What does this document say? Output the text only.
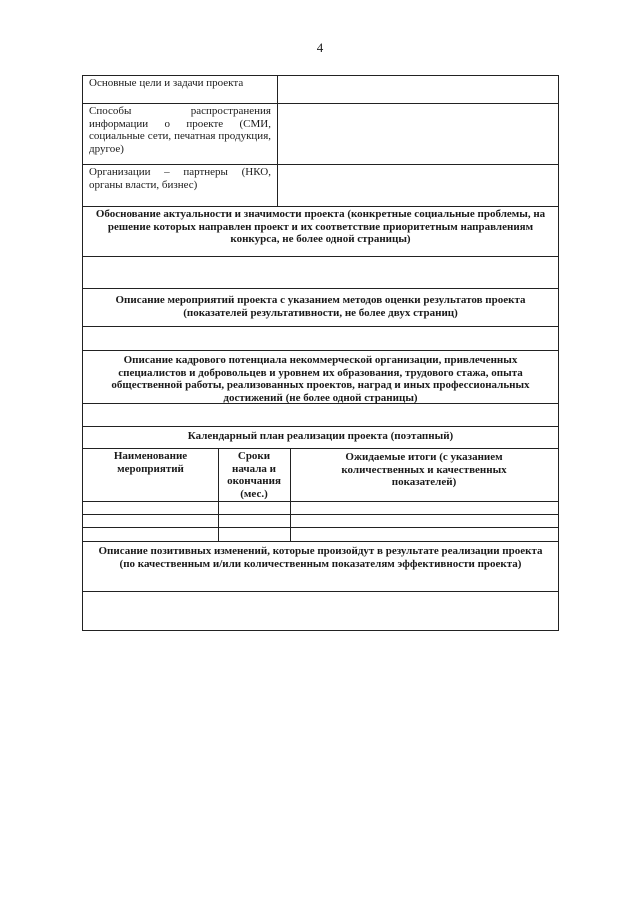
4
Основные цели и задачи проекта
Способы распространения информации о проекте (СМИ, социальные сети, печатная продукция, другое)
Организации – партнеры (НКО, органы власти, бизнес)
Обоснование актуальности и значимости проекта (конкретные социальные проблемы, на решение которых направлен проект и их соответствие приоритетным направлениям конкурса, не более одной страницы)
Описание мероприятий проекта с указанием методов оценки результатов проекта (показателей результативности, не более двух страниц)
Описание кадрового потенциала некоммерческой организации, привлеченных специалистов и добровольцев и уровнем их образования, трудового стажа, опыта общественной работы, реализованных проектов, наград и иных профессиональных достижений (не более одной страницы)
Календарный план реализации проекта (поэтапный)
Наименование мероприятий
Сроки начала и окончания (мес.)
Ожидаемые итоги (с указанием количественных и качественных показателей)
Описание позитивных изменений, которые произойдут в результате реализации проекта (по качественным и/или количественным показателям эффективности проекта)
